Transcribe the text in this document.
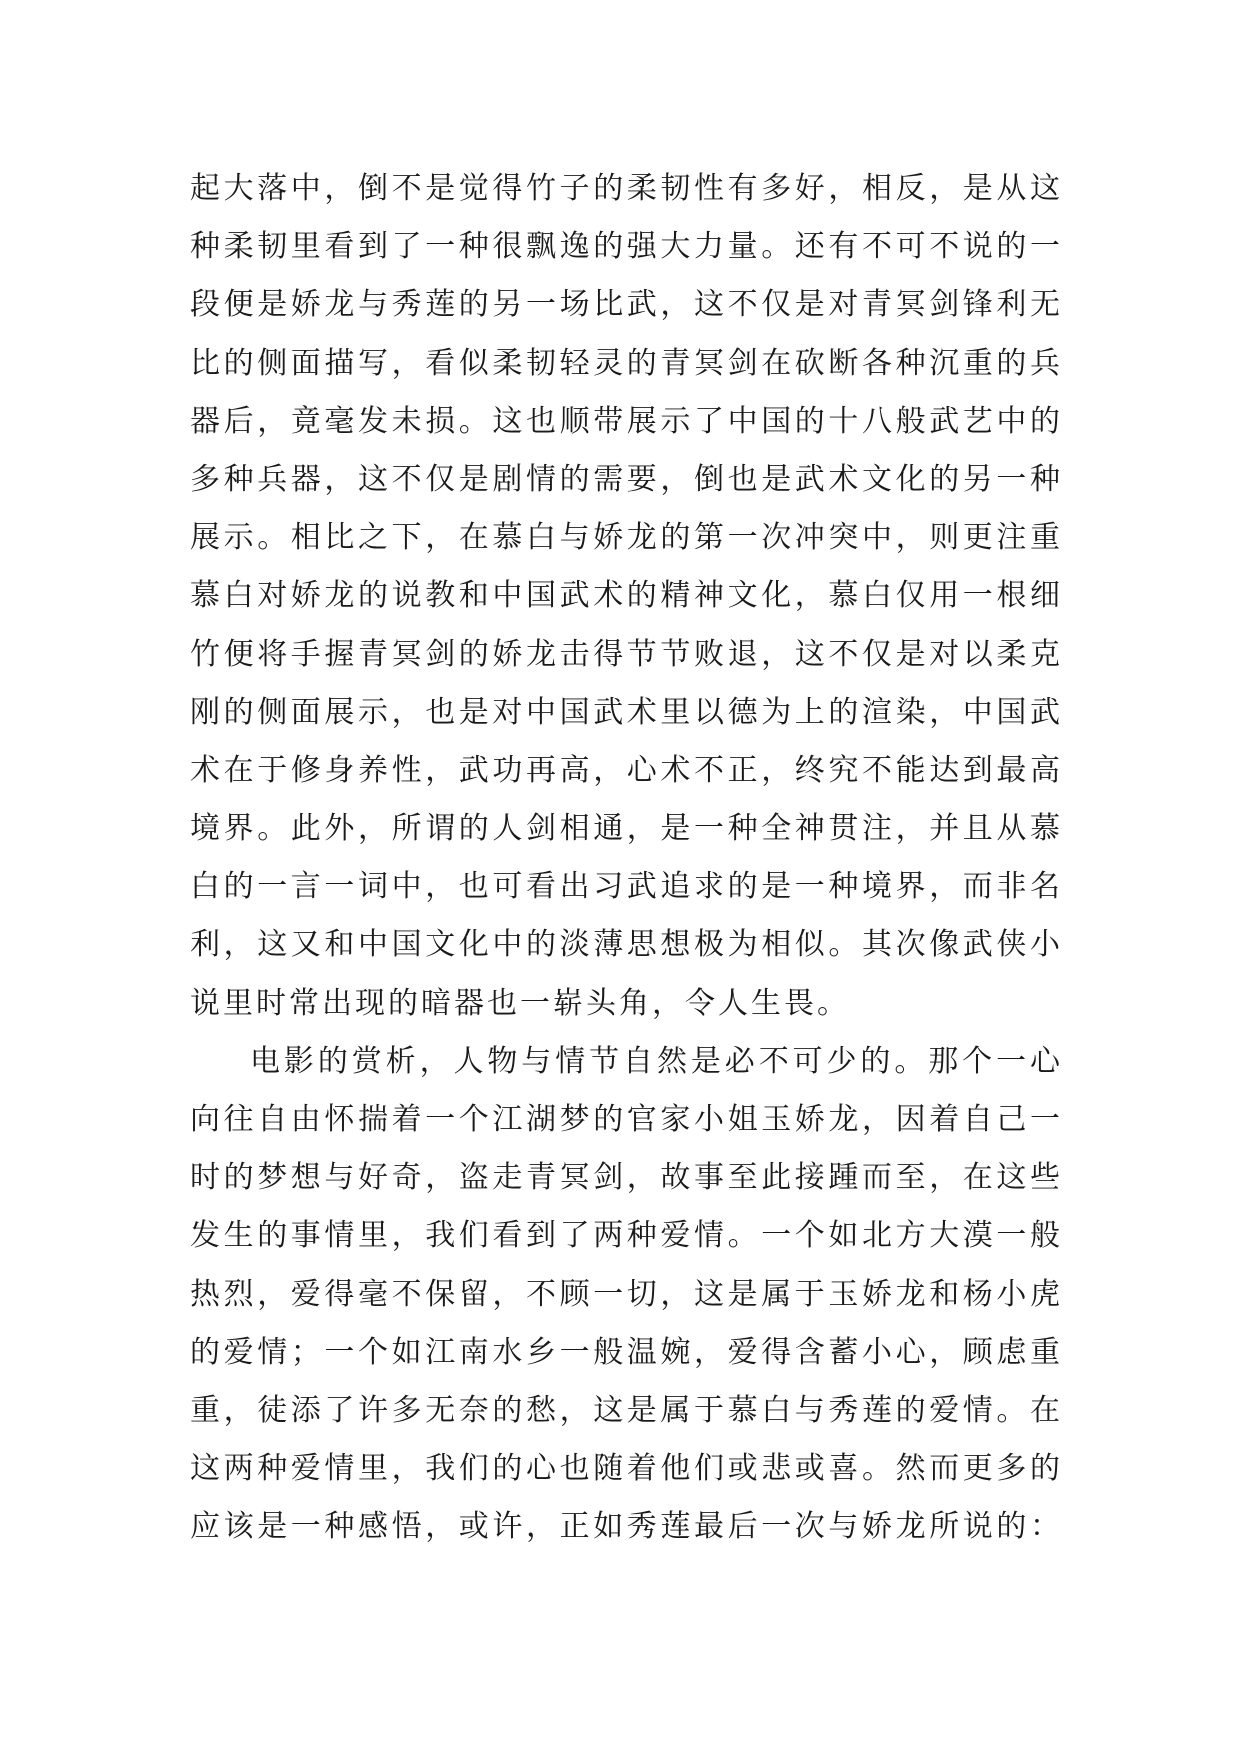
起大落中，倒不是觉得竹子的柔韧性有多好，相反，是从这
种柔韧里看到了一种很飘逸的强大力量。还有不可不说的一
段便是娇龙与秀莲的另一场比武，这不仅是对青冥剑锋利无
比的侧面描写，看似柔韧轻灵的青冥剑在砍断各种沉重的兵
器后，竟毫发未损。这也顺带展示了中国的十八般武艺中的
多种兵器，这不仅是剧情的需要，倒也是武术文化的另一种
展示。相比之下，在慕白与娇龙的第一次冲突中，则更注重
慕白对娇龙的说教和中国武术的精神文化，慕白仅用一根细
竹便将手握青冥剑的娇龙击得节节败退，这不仅是对以柔克
刚的侧面展示，也是对中国武术里以德为上的渲染，中国武
术在于修身养性，武功再高，心术不正，终究不能达到最高
境界。此外，所谓的人剑相通，是一种全神贯注，并且从慕
白的一言一词中，也可看出习武追求的是一种境界，而非名
利，这又和中国文化中的淡薄思想极为相似。其次像武侠小
说里时常出现的暗器也一崭头角，令人生畏。
电影的赏析，人物与情节自然是必不可少的。那个一心
向往自由怀揣着一个江湖梦的官家小姐玉娇龙，因着自己一
时的梦想与好奇，盗走青冥剑，故事至此接踵而至，在这些
发生的事情里，我们看到了两种爱情。一个如北方大漠一般
热烈，爱得毫不保留，不顾一切，这是属于玉娇龙和杨小虎
的爱情；一个如江南水乡一般温婉，爱得含蓄小心，顾虑重
重，徒添了许多无奈的愁，这是属于慕白与秀莲的爱情。在
这两种爱情里，我们的心也随着他们或悲或喜。然而更多的
应该是一种感悟，或许，正如秀莲最后一次与娇龙所说的：
